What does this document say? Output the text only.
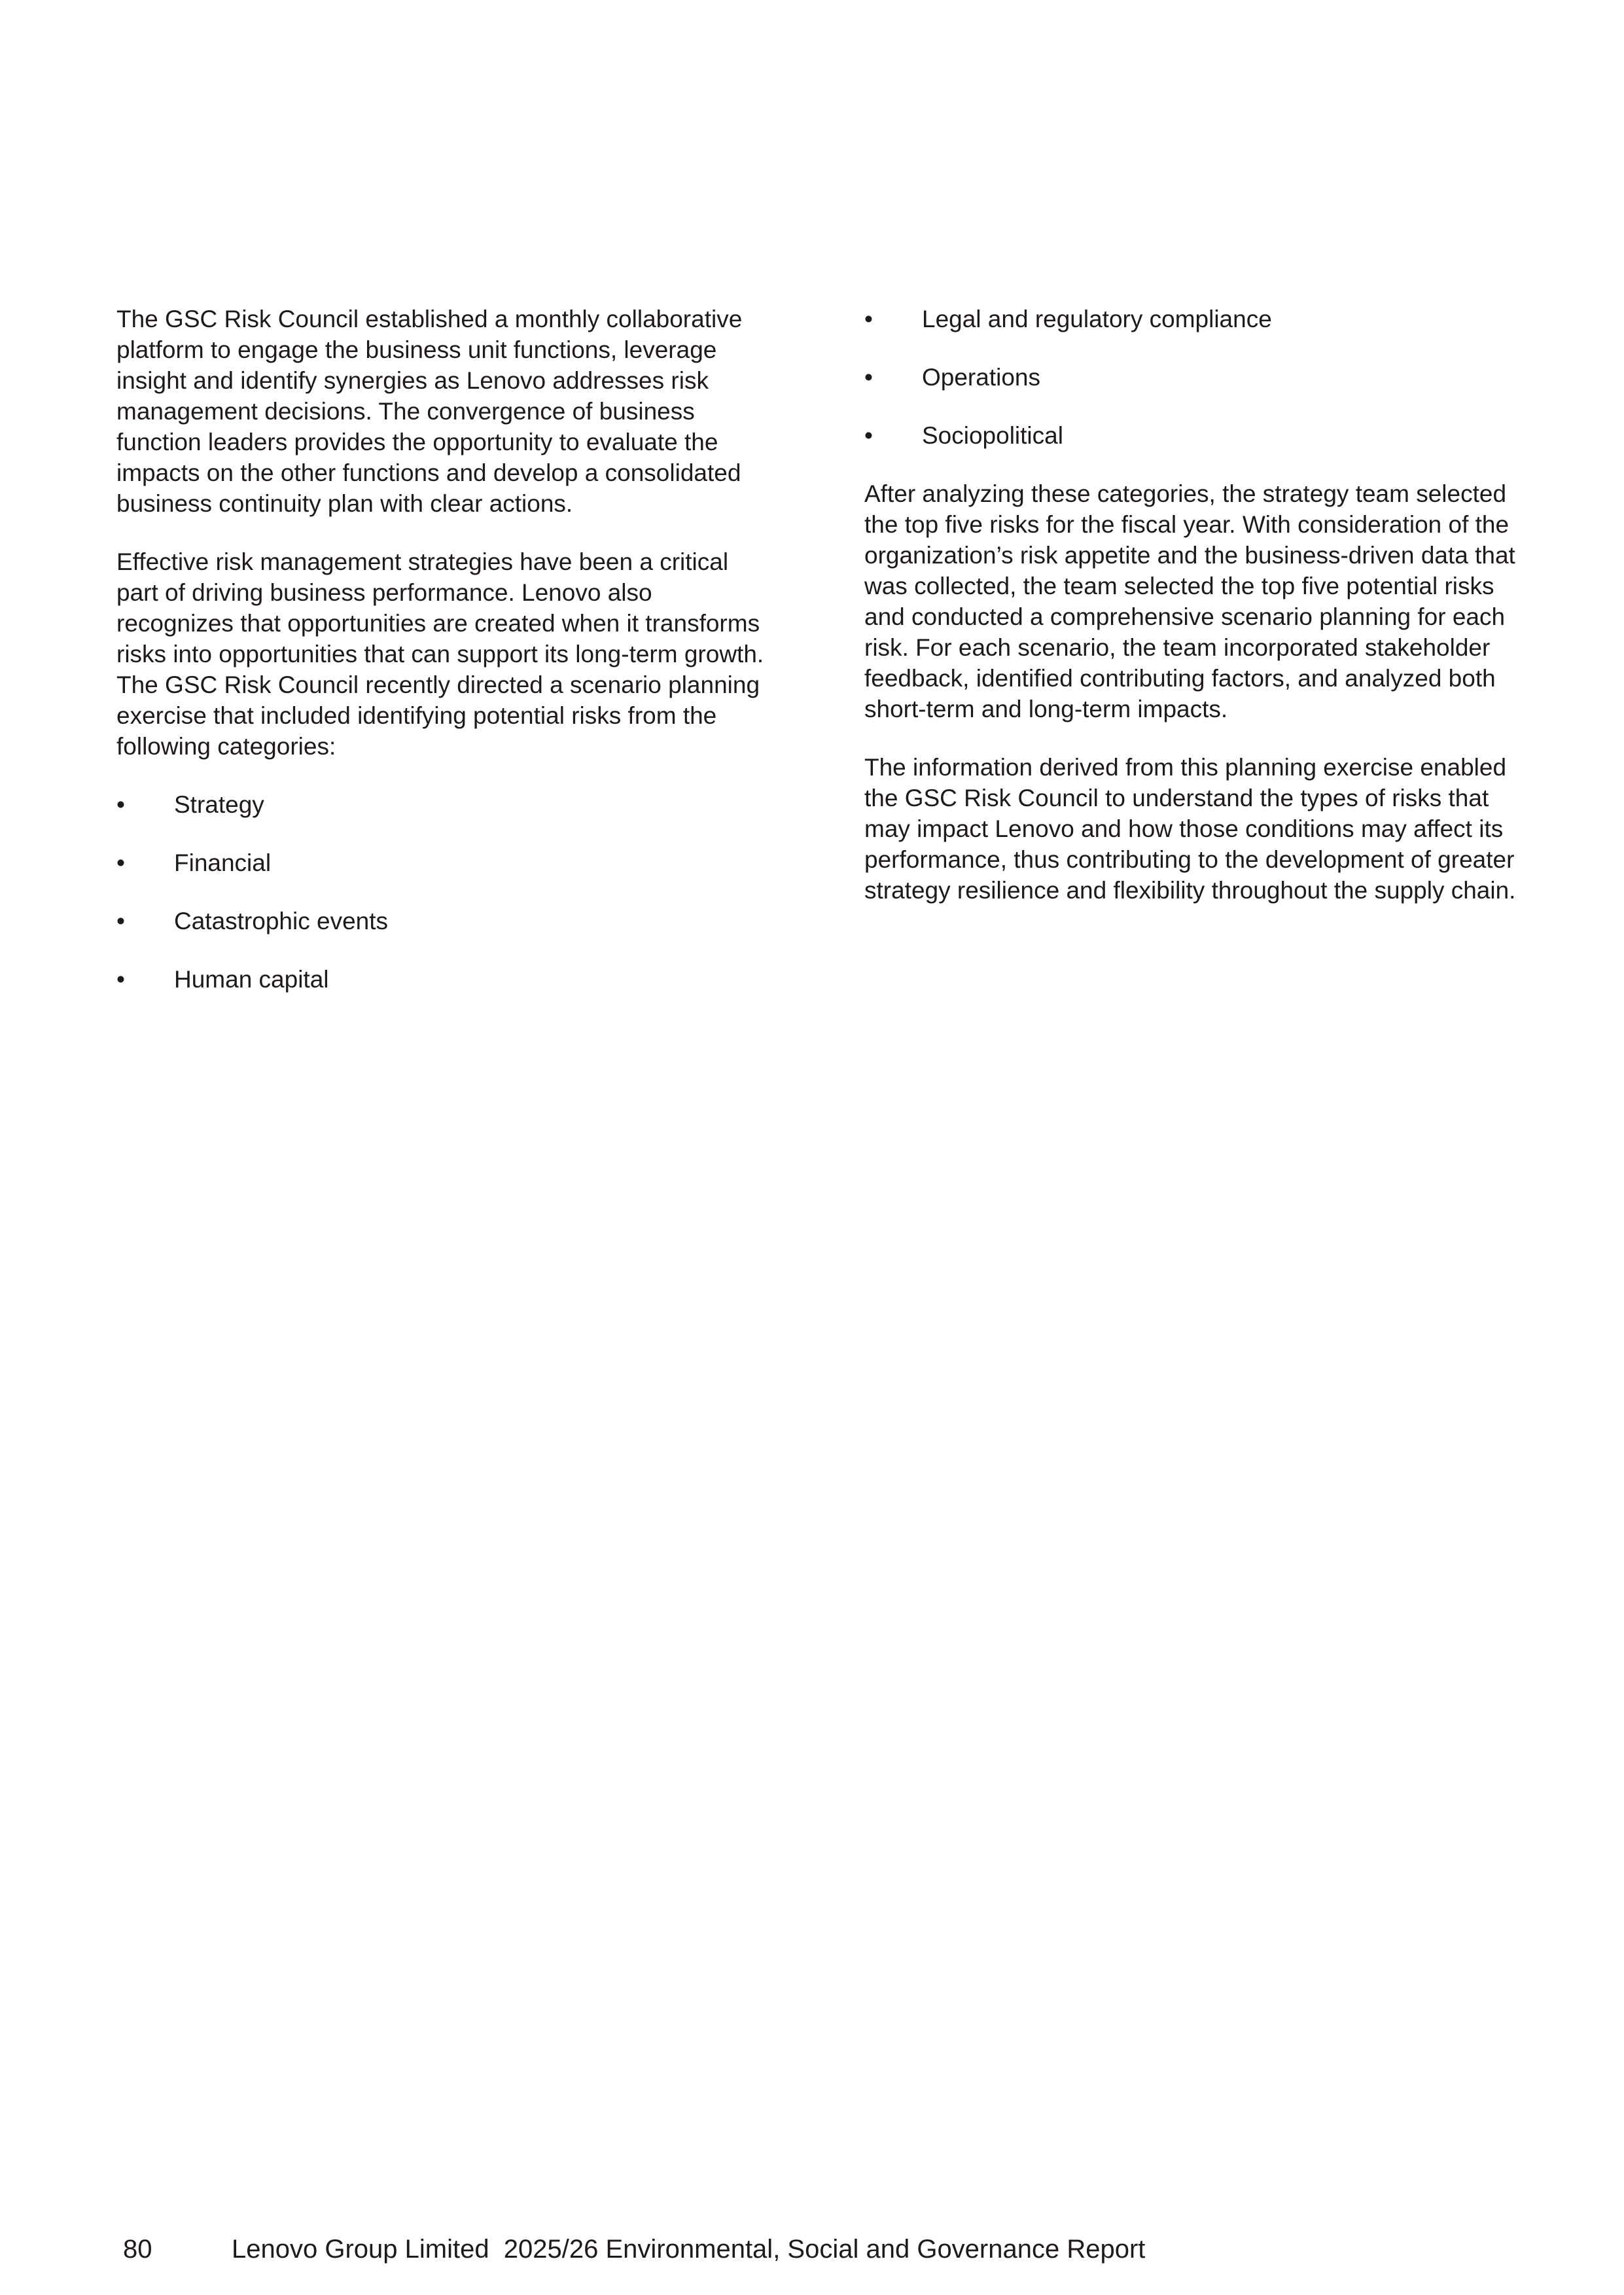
The GSC Risk Council established a monthly collaborative platform to engage the business unit functions, leverage insight and identify synergies as Lenovo addresses risk management decisions. The convergence of business function leaders provides the opportunity to evaluate the impacts on the other functions and develop a consolidated business continuity plan with clear actions.

Effective risk management strategies have been a critical part of driving business performance. Lenovo also recognizes that opportunities are created when it transforms risks into opportunities that can support its long-term growth. The GSC Risk Council recently directed a scenario planning exercise that included identifying potential risks from the following categories:

• Strategy
• Financial
• Catastrophic events
• Human capital
• Legal and regulatory compliance
• Operations
• Sociopolitical

After analyzing these categories, the strategy team selected the top five risks for the fiscal year. With consideration of the organization’s risk appetite and the business-driven data that was collected, the team selected the top five potential risks and conducted a comprehensive scenario planning for each risk. For each scenario, the team incorporated stakeholder feedback, identified contributing factors, and analyzed both short-term and long-term impacts.

The information derived from this planning exercise enabled the GSC Risk Council to understand the types of risks that may impact Lenovo and how those conditions may affect its performance, thus contributing to the development of greater strategy resilience and flexibility throughout the supply chain.

80	Lenovo Group Limited  2025/26 Environmental, Social and Governance Report
